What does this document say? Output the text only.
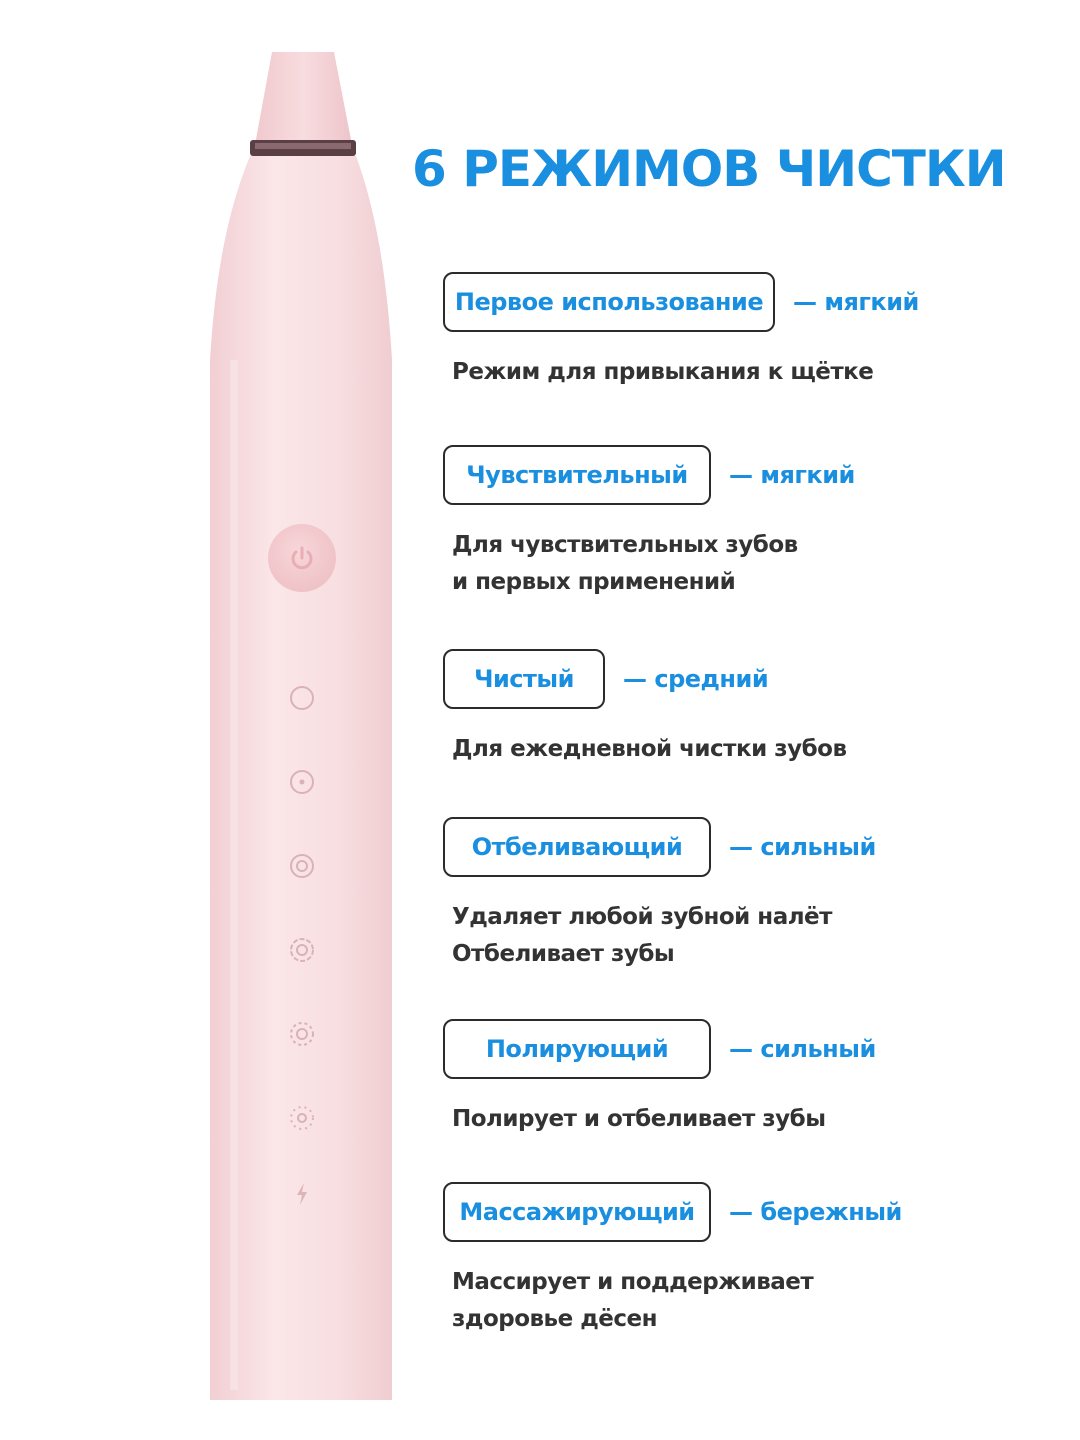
6 РЕЖИМОВ ЧИСТКИ
Первое использование	— мягкий
Режим для привыкания к щётке
Чувствительный	— мягкий
Для чувствительных зубов
и первых применений
Чистый	— средний
Для ежедневной чистки зубов
Отбеливающий	— сильный
Удаляет любой зубной налёт
Отбеливает зубы
Полирующий	— сильный
Полирует и отбеливает зубы
Массажирующий	— бережный
Массирует и поддерживает
здоровье дёсен
